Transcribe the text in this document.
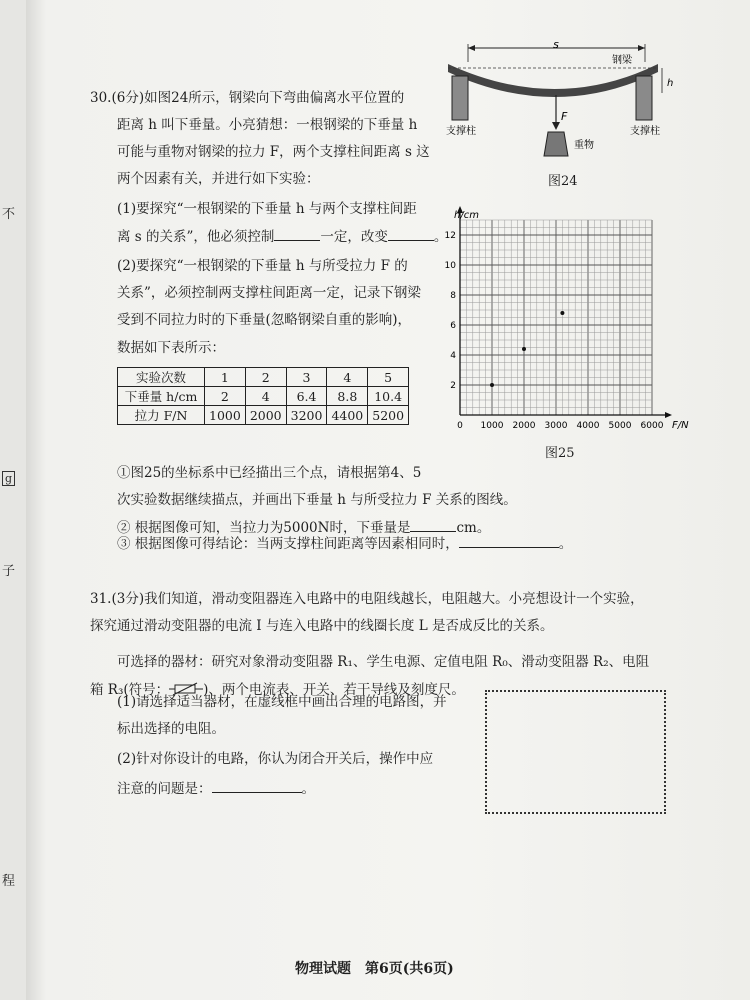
不
g
子
程
30.(6分)如图24所示，钢梁向下弯曲偏离水平位置的
距离 h 叫下垂量。小亮猜想：一根钢梁的下垂量 h
可能与重物对钢梁的拉力 F，两个支撑柱间距离 s 这
两个因素有关，并进行如下实验：
(1)要探究“一根钢梁的下垂量 h 与两个支撑柱间距
离 s 的关系”，他必须控制	一定，改变	。
(2)要探究“一根钢梁的下垂量 h 与所受拉力 F 的
关系”，必须控制两支撑柱间距离一定，记录下钢梁
受到不同拉力时的下垂量(忽略钢梁自重的影响)，
数据如下表所示：
实验次数	1	2	3	4	5
下垂量 h/cm	2	4	6.4	8.8	10.4
拉力 F/N	1000	2000	3200	4400	5200
①图25的坐标系中已经描出三个点，请根据第4、5
次实验数据继续描点，并画出下垂量 h 与所受拉力 F 关系的图线。
② 根据图像可知，当拉力为5000N时，下垂量是	cm。
③ 根据图像可得结论：当两支撑柱间距离等因素相同时，	。
s
钢梁
h
支撑柱	支撑柱
F
重物
图24
0 1000 2000 3000 4000 5000 6000
2
4
6
8
10
12
h/cm
F/N
图25
31.(3分)我们知道，滑动变阻器连入电路中的电阻线越长，电阻越大。小亮想设计一个实验，
探究通过滑动变阻器的电流 I 与连入电路中的线圈长度 L 是否成反比的关系。
可选择的器材：研究对象滑动变阻器 R₁、学生电源、定值电阻 R₀、滑动变阻器 R₂、电阻
箱 R₃(符号：	)、两个电流表、开关、若干导线及刻度尺。
(1)请选择适当器材，在虚线框中画出合理的电路图，并
标出选择的电阻。
(2)针对你设计的电路，你认为闭合开关后，操作中应
注意的问题是：	。
物理试题　第6页(共6页)
